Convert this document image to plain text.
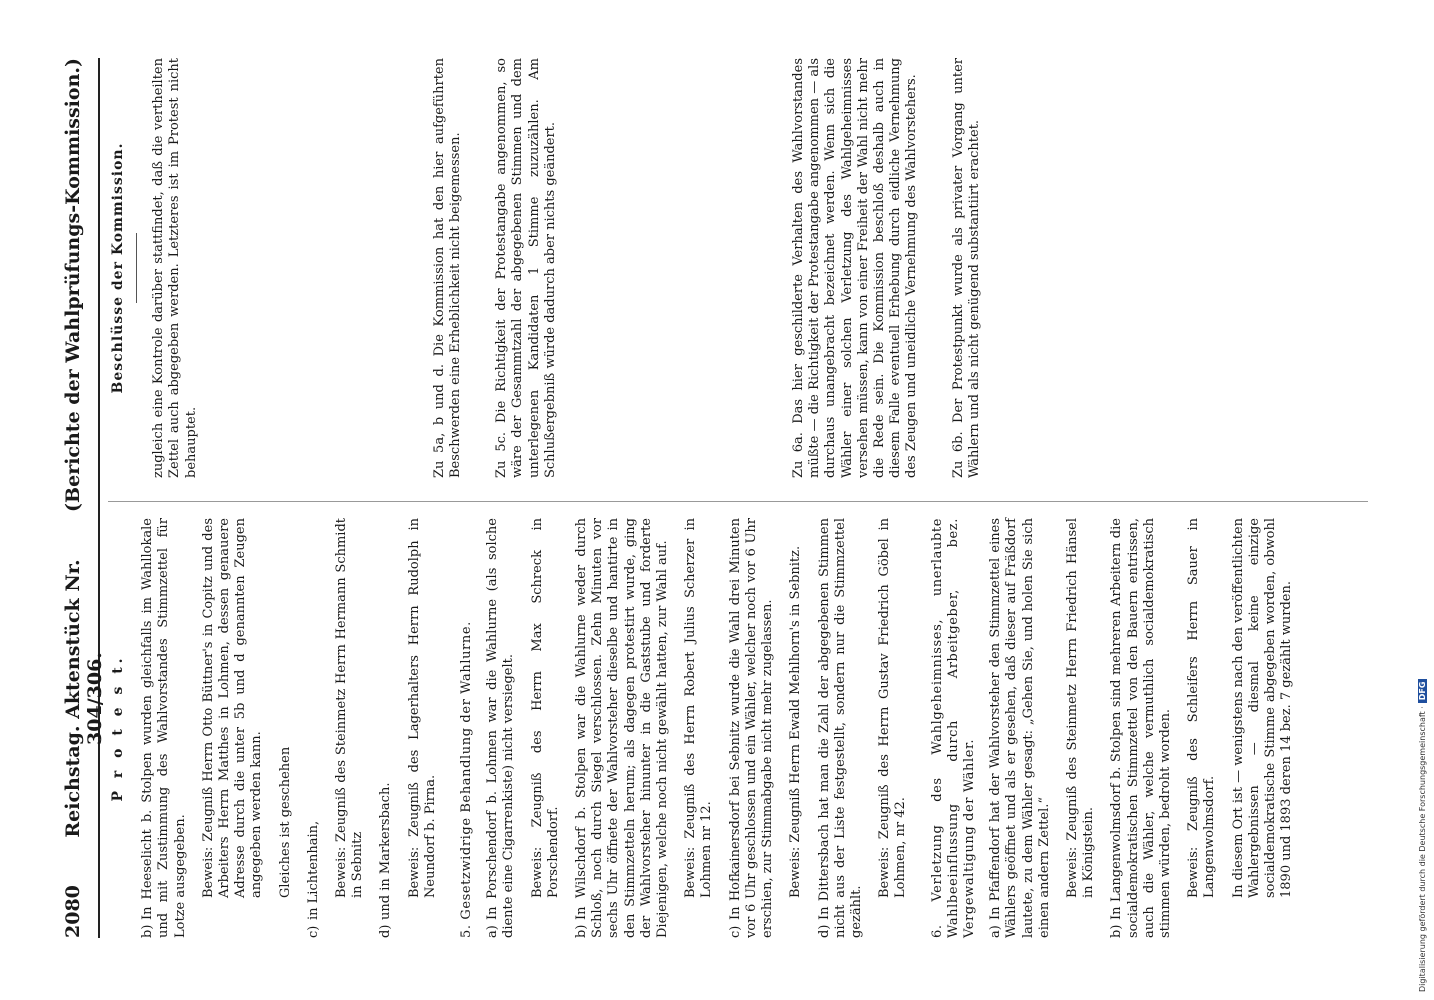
2080
Reichstag. Aktenstück Nr. 304/306.
(Berichte der Wahlprüfungs-Kommission.)
P r o t e s t.
b)In Heeselicht b. Stolpen wurden gleichfalls im Wahllokale und mit Zustimmung des Wahlvorstandes Stimmzettel für Lotze ausgegeben. Beweis: Zeugniß Herrn Otto Büttner's in Copitz und des Arbeiters Herrn Matthes in Lohmen, dessen genauere Adresse durch die unter 5b und d genannten Zeugen angegeben werden kann. Gleiches ist geschehen
c)in Lichtenhain, Beweis: Zeugniß des Steinmetz Herrn Hermann Schmidt in Sebnitz
d)und in Markersbach. Beweis: Zeugniß des Lagerhalters Herrn Rudolph in Neundorf b. Pirna. 5. Gesetzwidrige Behandlung der Wahlurne. a)In Porschendorf b. Lohmen war die Wahlurne (als solche diente eine Cigarrenkiste) nicht versiegelt. Beweis: Zeugniß des Herrn Max Schreck in Porschendorf.
b)In Wilschdorf b. Stolpen war die Wahlurne weder durch Schloß, noch durch Siegel verschlossen. Zehn Minuten vor sechs Uhr öffnete der Wahlvorsteher dieselbe und hantirte in den Stimmzetteln herum; als dagegen protestirt wurde, ging der Wahlvorsteher hinunter in die Gaststube und forderte Diejenigen, welche noch nicht gewählt hatten, zur Wahl auf. Beweis: Zeugniß des Herrn Robert Julius Scherzer in Lohmen nr 12.
c)In Hofkainersdorf bei Sebnitz wurde die Wahl drei Minuten vor 6 Uhr geschlossen und ein Wähler, welcher noch vor 6 Uhr erschien, zur Stimmabgabe nicht mehr zugelassen. Beweis: Zeugniß Herrn Ewald Mehlhorn's in Sebnitz.
d)In Dittersbach hat man die Zahl der abgegebenen Stimmen nicht aus der Liste festgestellt, sondern nur die Stimmzettel gezählt.
Beweis: Zeugniß des Herrn Gustav Friedrich Göbel in Lohmen, nr 42. 6. Verletzung des Wahlgeheimnisses, unerlaubte Wahlbeeinflussung durch Arbeitgeber, bez. Vergewaltigung der Wähler. a)In Pfaffendorf hat der Wahlvorsteher den Stimmzettel eines Wählers geöffnet und als er gesehen, daß dieser auf Fräßdorf lautete, zu dem Wähler gesagt: „Gehen Sie, und holen Sie sich einen andern Zettel.“ Beweis: Zeugniß des Steinmetz Herrn Friedrich Hänsel in Königstein.
b)In Langenwolmsdorf b. Stolpen sind mehreren Arbeitern die socialdemokratischen Stimmzettel von den Bauern entrissen, auch die Wähler, welche vermuthlich socialdemokratisch stimmen würden, bedroht worden. Beweis: Zeugniß des Schleifers Herrn Sauer in Langenwolmsdorf. In diesem Ort ist — wenigstens nach den veröffentlichten Wahlergebnissen — diesmal keine einzige socialdemokratische Stimme abgegeben worden, obwohl 1890 und 1893 deren 14 bez. 7 gezählt wurden.
Beschlüsse der Kommission. zugleich eine Kontrole darüber stattfindet, daß die vertheilten Zettel auch abgegeben werden. Letzteres ist im Protest nicht behauptet.	Zu 5a, b und d. Die Kommission hat den hier aufgeführten Beschwerden eine Erheblichkeit nicht beigemessen. Zu 5c. Die Richtigkeit der Protestangabe angenommen, so wäre der Gesammtzahl der abgegebenen Stimmen und dem unterlegenen Kandidaten 1 Stimme zuzuzählen. Am Schlußergebniß würde dadurch aber nichts geändert.	Zu 6a. Das hier geschilderte Verhalten des Wahlvorstandes müßte — die Richtigkeit der Protestangabe angenommen — als durchaus unangebracht bezeichnet werden. Wenn sich die Wähler einer solchen Verletzung des Wahlgeheimnisses versehen müssen, kann von einer Freiheit der Wahl nicht mehr die Rede sein. Die Kommission beschloß deshalb auch in diesem Falle eventuell Erhebung durch eidliche Vernehmung des Zeugen und uneidliche Vernehmung des Wahlvorstehers. Zu 6b. Der Protestpunkt wurde als privater Vorgang unter Wählern und als nicht genügend substantiirt erachtet.
Digitalisierung gefördert durch die Deutsche Forschungsgemeinschaft ·DFG
